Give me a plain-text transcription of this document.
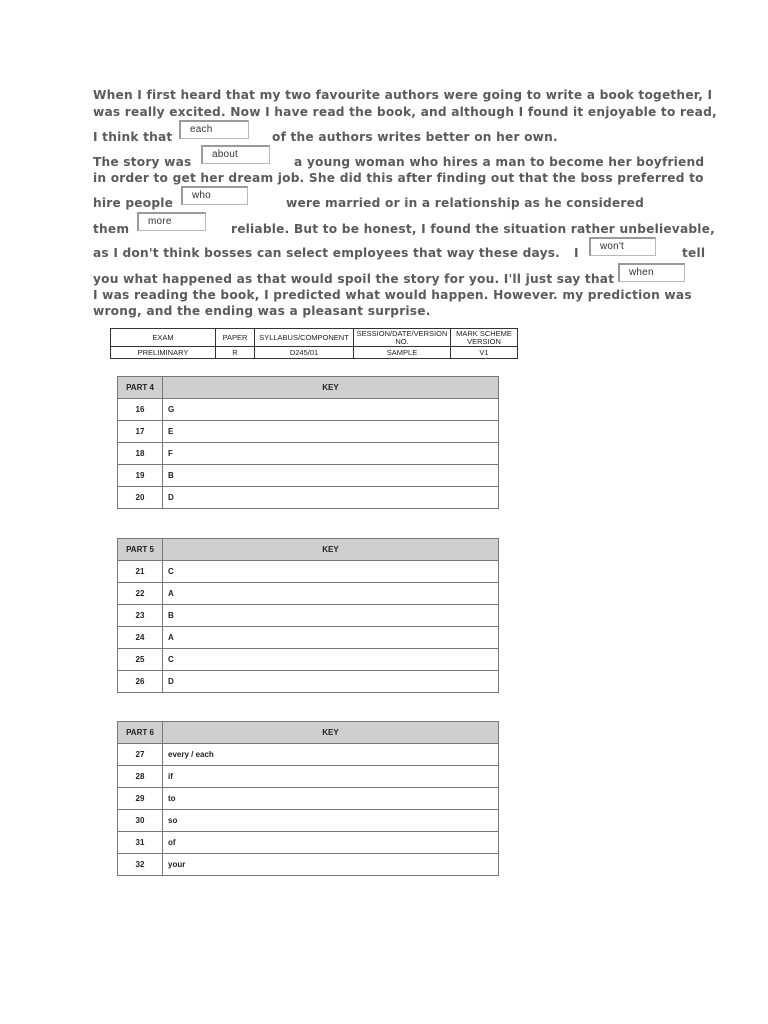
When I first heard that my two favourite authors were going to write a book together, I
was really excited. Now I have read the book, and although I found it enjoyable to read,
I think that
each
of the authors writes better on her own.
The story was
about
a young woman who hires a man to become her boyfriend
in order to get her dream job. She did this after finding out that the boss preferred to
hire people
who
were married or in a relationship as he considered
them
more
reliable. But to be honest, I found the situation rather unbelievable,
as I don't think bosses can select employees that way these days. I	won't	tell
you what happened as that would spoil the story for you. I'll just say that	when
I was reading the book, I predicted what would happen. However. my prediction was
wrong, and the ending was a pleasant surprise.
EXAM	PAPER	SYLLABUS/COMPONENT	SESSION/DATE/VERSION NO.	MARK SCHEME VERSION
PRELIMINARY	R	D245/01	SAMPLE	V1
PART 4	KEY
16	G
17	E
18	F
19	B
20	D
PART 5	KEY
21	C
22	A
23	B
24	A
25	C
26	D
PART 6	KEY
27	every / each
28	if
29	to
30	so
31	of
32	your
